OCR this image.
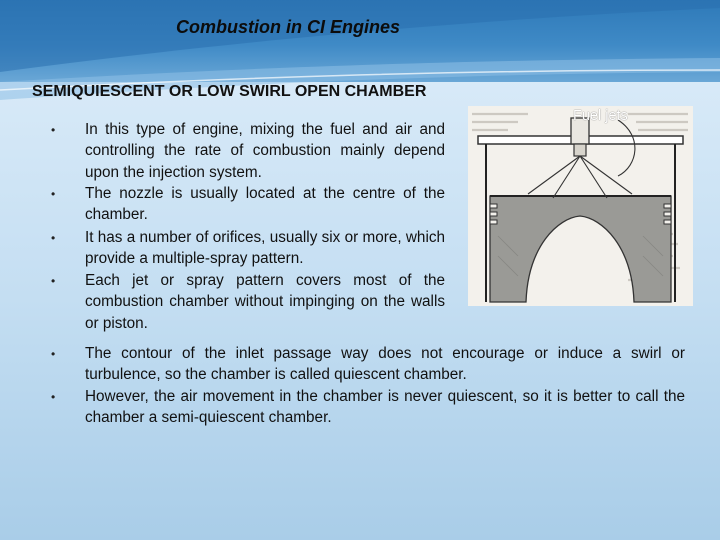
Combustion in CI Engines
SEMIQUIESCENT OR LOW SWIRL OPEN CHAMBER
• In this type of engine, mixing the fuel and air and controlling the rate of combustion mainly depend upon the injection system.
• The nozzle is usually located at the centre of the chamber.
• It has a number of orifices, usually six or more, which provide a multiple-spray pattern.
• Each jet or spray pattern covers most of the combustion chamber without impinging on the walls or piston.
• The contour of the inlet passage way does not encourage or induce a swirl or turbulence, so the chamber is called quiescent chamber.
• However, the air movement in the chamber is never quiescent, so it is better to call the chamber a semi-quiescent chamber.
Fuel jets
